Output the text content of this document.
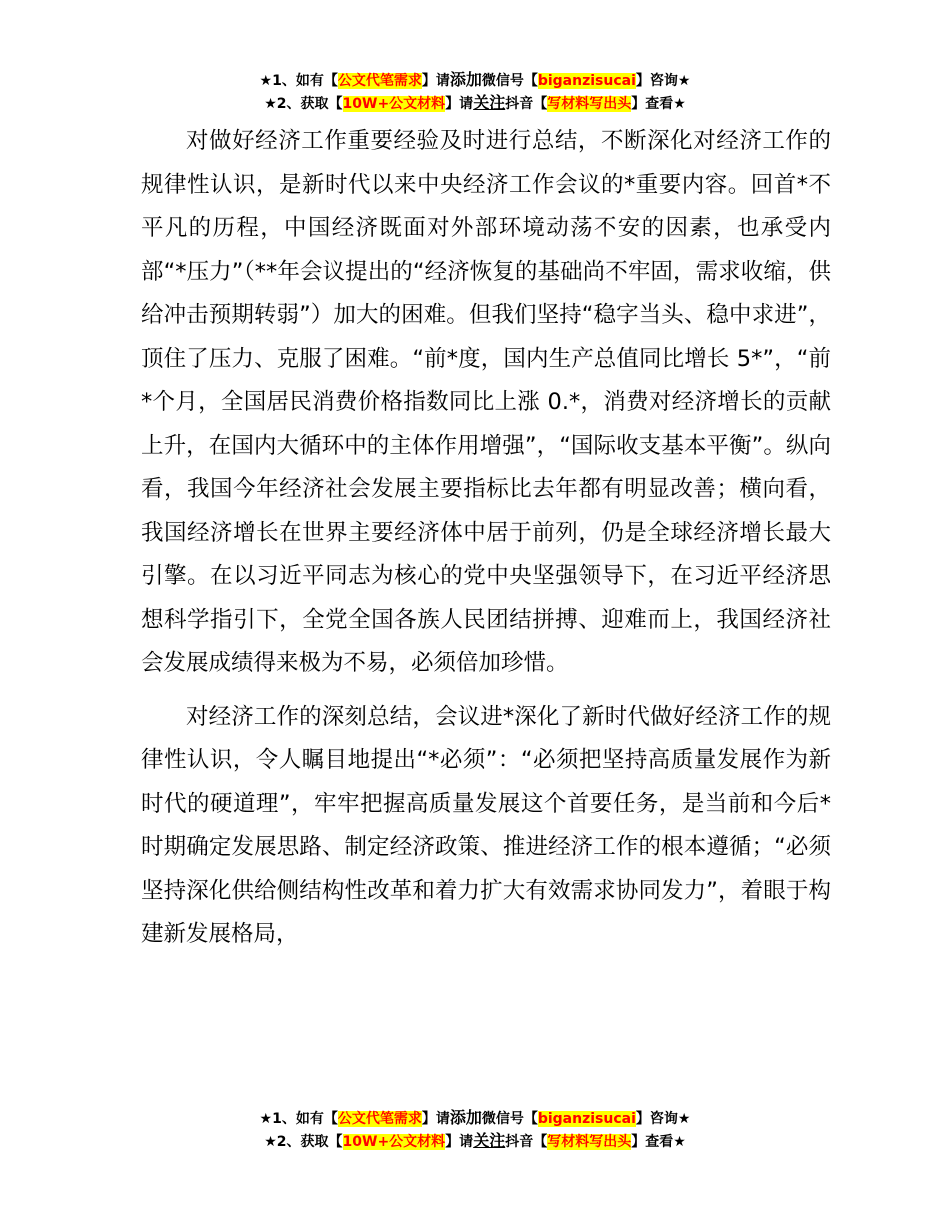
★1、如有【公文代笔需求】请添加微信号【biganzisucai】咨询★
★2、获取【10W+公文材料】请关注抖音【写材料写出头】查看★

对做好经济工作重要经验及时进行总结，不断深化对经济工作的规律性认识，是新时代以来中央经济工作会议的*重要内容。回首*不平凡的历程，中国经济既面对外部环境动荡不安的因素，也承受内部“*压力”（**年会议提出的“经济恢复的基础尚不牢固，需求收缩，供给冲击预期转弱”）加大的困难。但我们坚持“稳字当头、稳中求进”，顶住了压力、克服了困难。“前*度，国内生产总值同比增长 5*”，“前*个月，全国居民消费价格指数同比上涨 0.*，消费对经济增长的贡献上升，在国内大循环中的主体作用增强”，“国际收支基本平衡”。纵向看，我国今年经济社会发展主要指标比去年都有明显改善；横向看，我国经济增长在世界主要经济体中居于前列，仍是全球经济增长最大引擎。在以习近平同志为核心的党中央坚强领导下，在习近平经济思想科学指引下，全党全国各族人民团结拼搏、迎难而上，我国经济社会发展成绩得来极为不易，必须倍加珍惜。

对经济工作的深刻总结，会议进*深化了新时代做好经济工作的规律性认识，令人瞩目地提出“*必须”：“必须把坚持高质量发展作为新时代的硬道理”，牢牢把握高质量发展这个首要任务，是当前和今后*时期确定发展思路、制定经济政策、推进经济工作的根本遵循；“必须坚持深化供给侧结构性改革和着力扩大有效需求协同发力”，着眼于构建新发展格局，

★1、如有【公文代笔需求】请添加微信号【biganzisucai】咨询★
★2、获取【10W+公文材料】请关注抖音【写材料写出头】查看★
